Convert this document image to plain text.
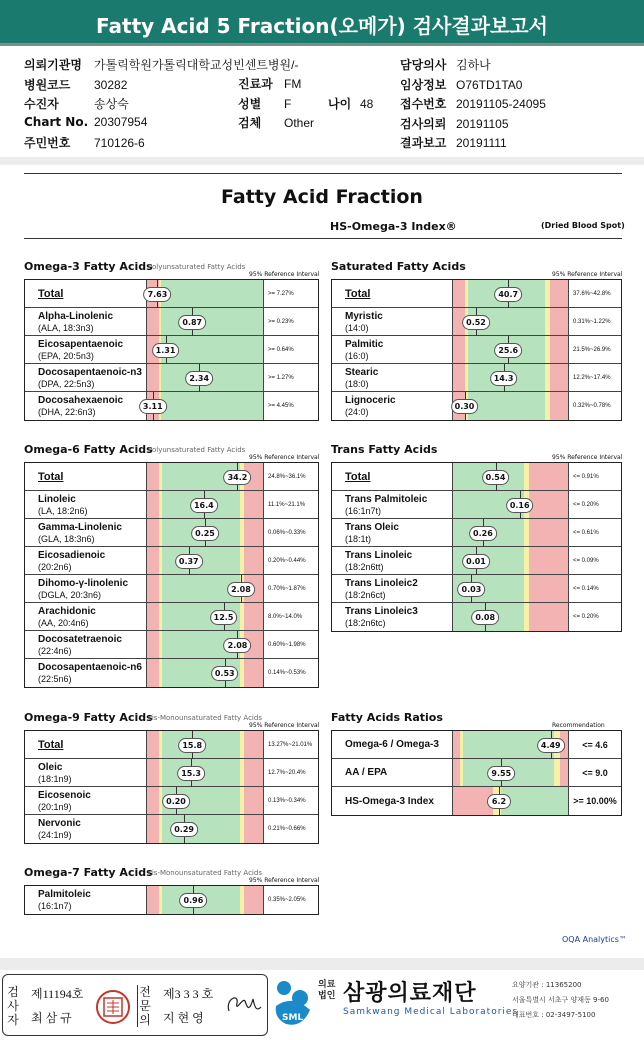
Fatty Acid 5 Fraction(오메가) 검사결과보고서
의뢰기관명 가톨릭학원가톨릭대학교성빈센트병원/-
병원코드 30282
수진자	송상숙
Chart No. 20307954
주민번호 710126-6
진료과 FM
성별 F
검체 Other
나이 48
담당의사 김하나
임상정보 O76TD1TA0
접수번호 20191105-24095
검사의뢰 20191105
결과보고 20191111
Fatty Acid Fraction
HS-Omega-3 Index®	(Dried Blood Spot)
Omega-3 Fatty Acids
Polyunsaturated Fatty Acids
95% Reference Interval
Total	7.63	>= 7.27%
Alpha-Linolenic
(ALA, 18:3n3)
0.87	>= 0.23%
Eicosapentaenoic
(EPA, 20:5n3)
1.31	>= 0.64%
Docosapentaenoic-n3
(DPA, 22:5n3)
2.34	>= 1.27%
Docosahexaenoic
(DHA, 22:6n3)
3.11	>= 4.45%
Saturated Fatty Acids
95% Reference Interval
Total	40.7	37.6%~42.8%
Myristic
(14:0)
0.52	0.31%~1.22%
Palmitic
(16:0)
25.6	21.5%~26.9%
Stearic
(18:0)
14.3	12.2%~17.4%
Lignoceric
(24:0)
0.30	0.32%~0.78%
Omega-6 Fatty Acids
Polyunsaturated Fatty Acids
95% Reference Interval
Total	34.2	24.8%~36.1%
Linoleic
(LA, 18:2n6)
16.4	11.1%~21.1%
Gamma-Linolenic
(GLA, 18:3n6)
0.25	0.06%~0.33%
Eicosadienoic
(20:2n6)
0.37	0.20%~0.44%
Dihomo-γ-linolenic
(DGLA, 20:3n6)
2.08	0.70%~1.87%
Arachidonic
(AA, 20:4n6)
12.5	8.0%~14.0%
Docosatetraenoic
(22:4n6)
2.08	0.60%~1.98%
Docosapentaenoic-n6
(22:5n6)
0.53	0.14%~0.53%
Trans Fatty Acids
95% Reference Interval
Total	0.54	<= 0.91%
Trans Palmitoleic
(16:1n7t)
0.16	<= 0.20%
Trans Oleic
(18:1t)
0.26	<= 0.61%
Trans Linoleic
(18:2n6tt)
0.01	<= 0.09%
Trans Linoleic2
(18:2n6ct)
0.03	<= 0.14%
Trans Linoleic3
(18:2n6tc)
0.08	<= 0.20%
Omega-9 Fatty Acids
cis-Monounsaturated Fatty Acids
95% Reference Interval
Total	15.8	13.27%~21.01%
Oleic
(18:1n9)
15.3	12.7%~20.4%
Eicosenoic
(20:1n9)
0.20	0.13%~0.34%
Nervonic
(24:1n9)
0.29	0.21%~0.66%
Omega-7 Fatty Acids
cis-Monounsaturated Fatty Acids
95% Reference Interval
Palmitoleic
(16:1n7)
0.96	0.35%~2.05%
Fatty Acids Ratios
Recommendation
Omega-6 / Omega-3	4.49	<= 4.6
AA / EPA	9.55	<= 9.0
HS-Omega-3 Index	6.2	>= 10.00%
OQA Analytics™
검사자
제11194호
최 삼 규
전문의
제3 3 3 호
지 현 영	SML
의료법인 삼광의료재단
Samkwang Medical Laboratories
요양기관 : 11365200
서울특별시 서초구 양재동 9-60
대표번호 : 02-3497-5100
